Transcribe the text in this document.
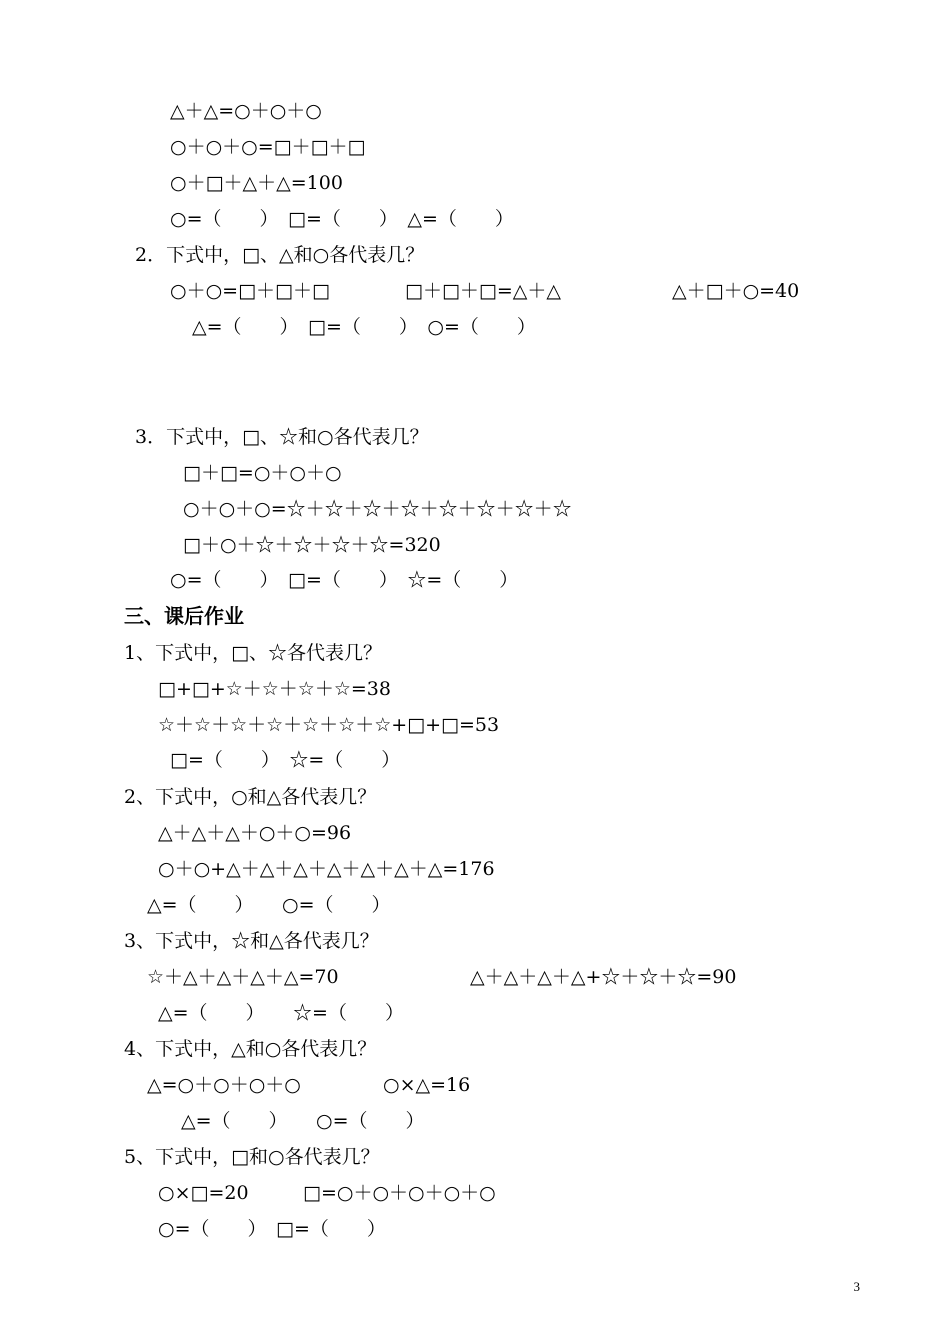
△＋△=○＋○＋○
○＋○＋○=□＋□＋□
○＋□＋△＋△=100
○=（　　）　□=（　　）　△=（　　）
2．下式中，□、△和○各代表几？
○＋○=□＋□＋□	□＋□＋□=△＋△	△＋□＋○=40
△=（　　）　□=（　　）　○=（　　）
3．下式中，□、☆和○各代表几？
□＋□=○＋○＋○
○＋○＋○=☆＋☆＋☆＋☆＋☆＋☆＋☆＋☆
□＋○＋☆＋☆＋☆＋☆=320
○=（　　）　□=（　　）　☆=（　　）
三、课后作业
1、下式中，□、☆各代表几？
□+□+☆＋☆＋☆＋☆=38
☆＋☆＋☆＋☆＋☆＋☆＋☆+□+□=53
□=（　　）　☆=（　　）
2、下式中，○和△各代表几？
△＋△＋△＋○＋○=96
○＋○+△＋△＋△＋△＋△＋△＋△=176
△=（　　）　　○=（　　）
3、下式中，☆和△各代表几？
☆＋△＋△＋△＋△=70	△＋△＋△＋△+☆＋☆＋☆=90
△=（　　）　　☆=（　　）
4、下式中，△和○各代表几？
△=○＋○＋○＋○	○×△=16
△=（　　）　　○=（　　）
5、下式中，□和○各代表几？
○×□=20	□=○＋○＋○＋○＋○
○=（　　）　□=（　　）
3
